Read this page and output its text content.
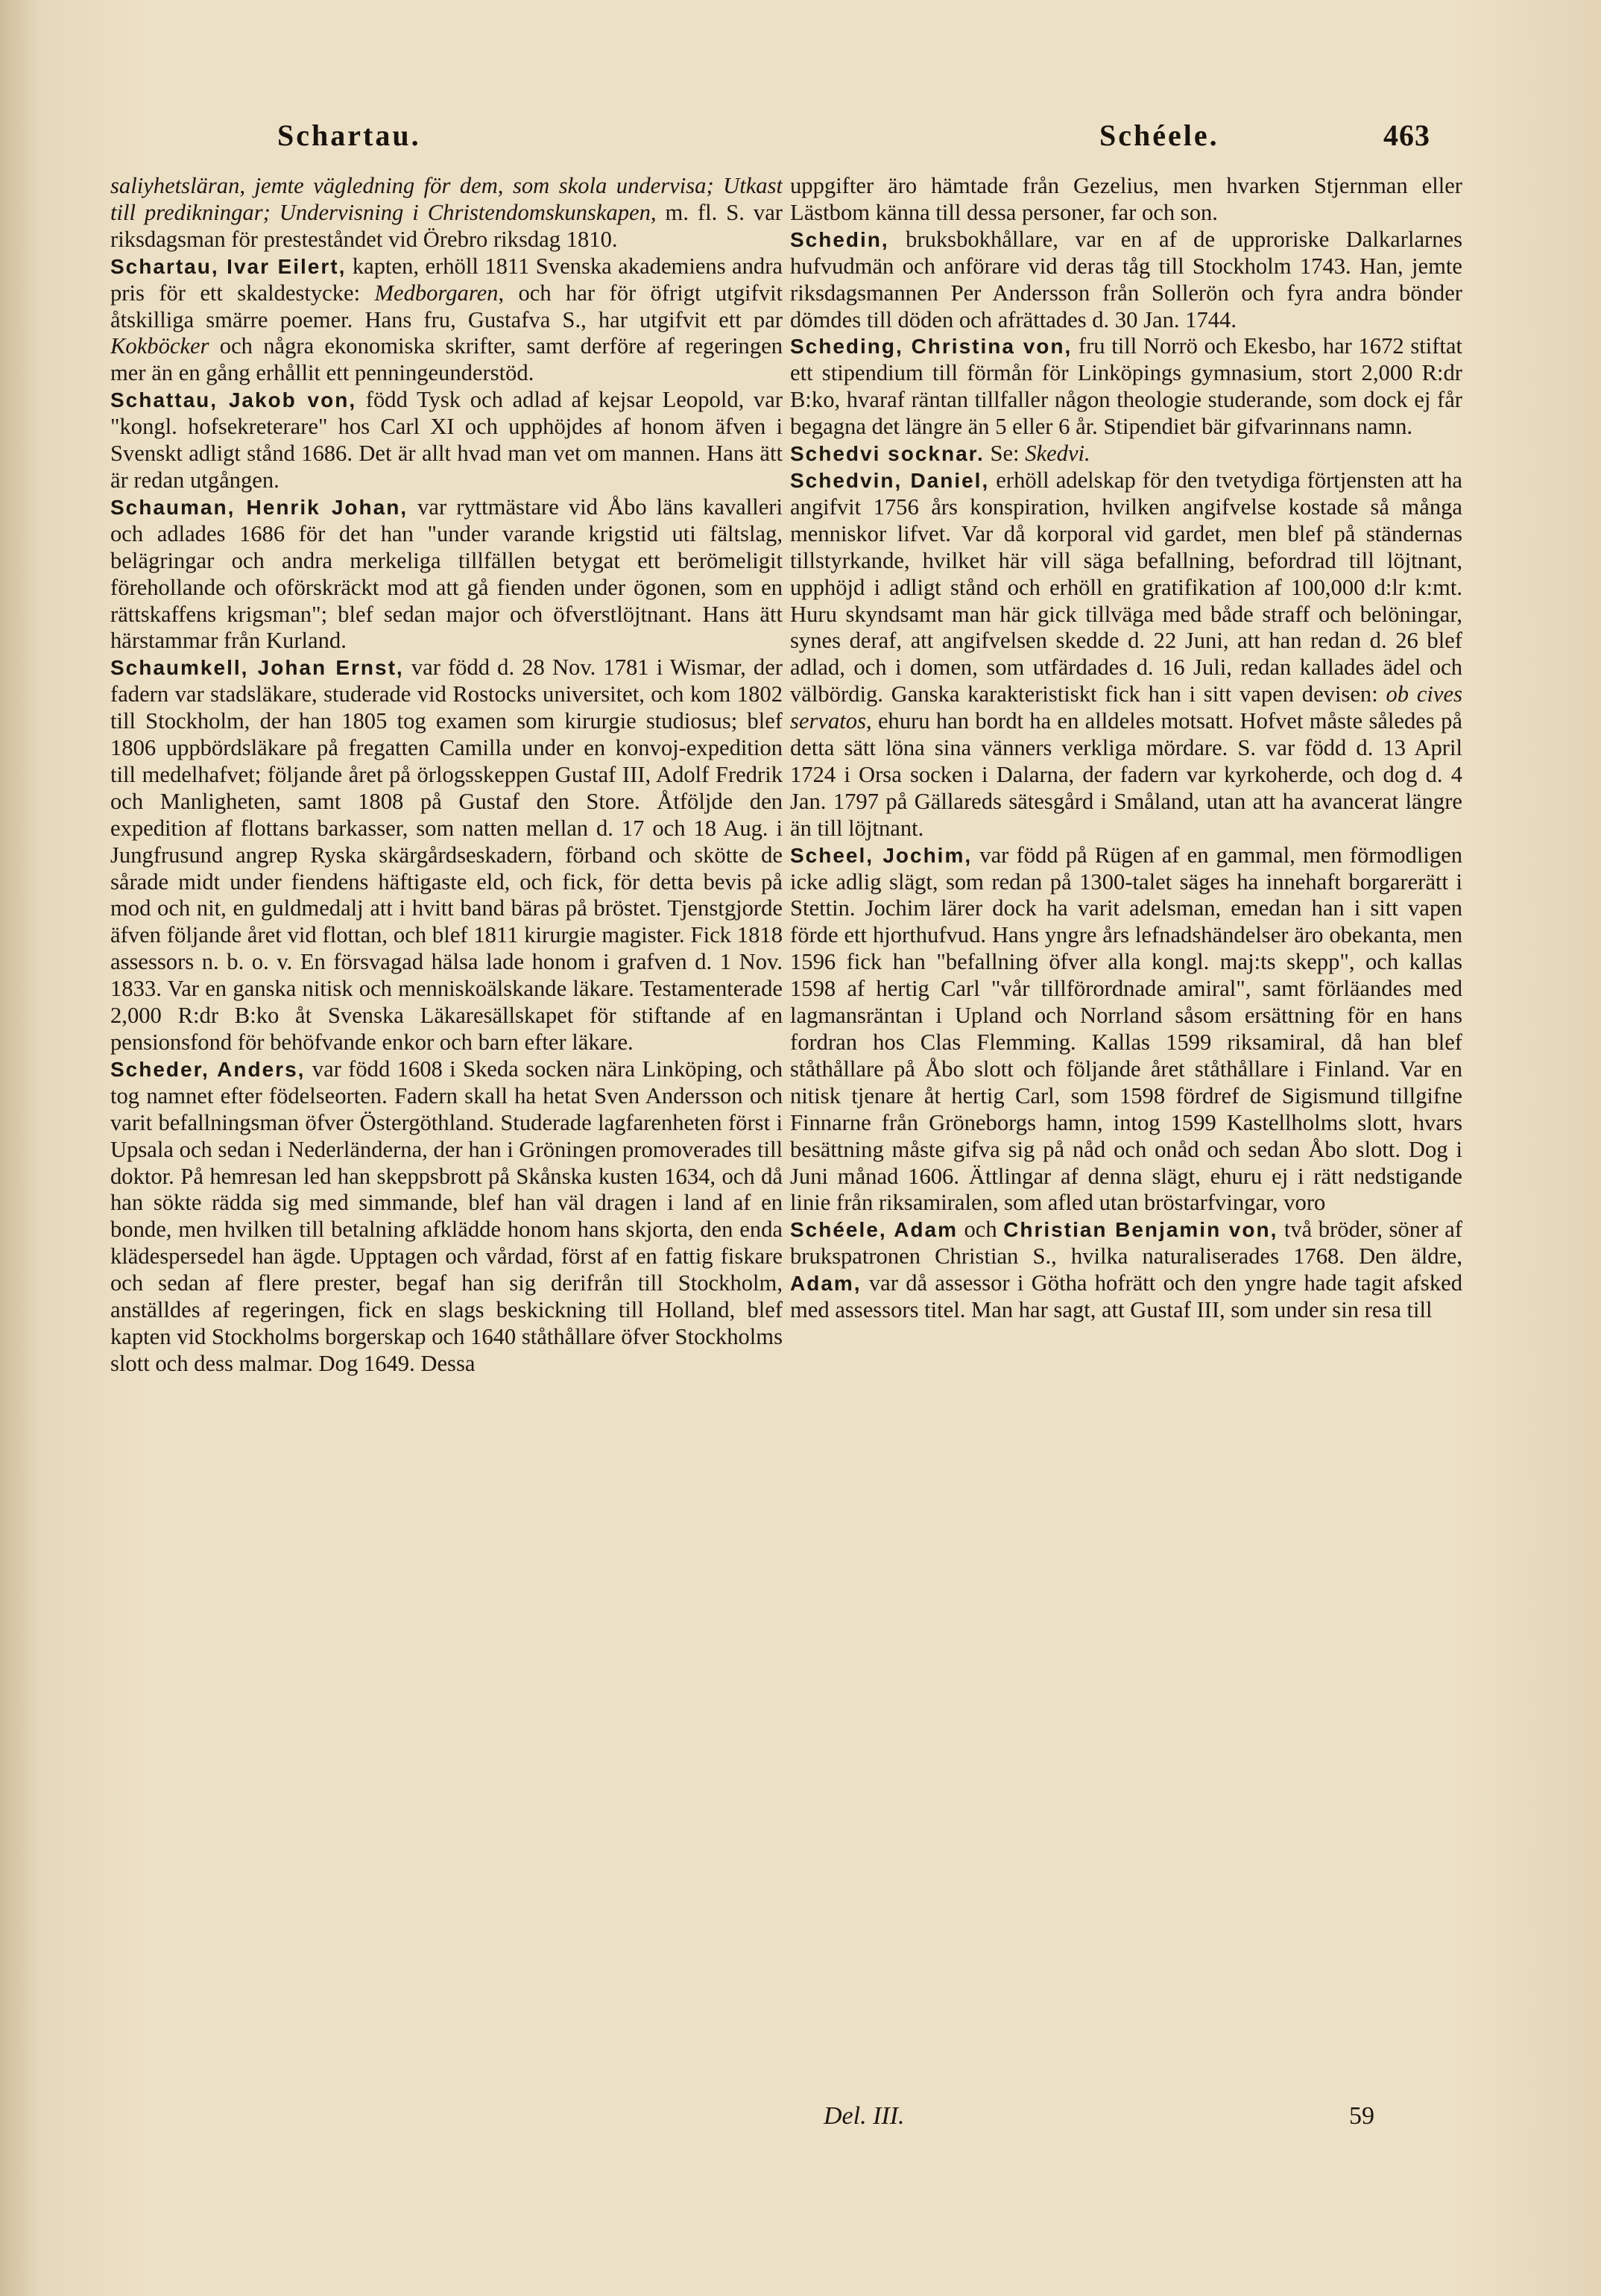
Schartau.	Schéele.	463

saliyhetsläran, jemte vägledning för dem, som skola undervisa; Utkast till predikningar; Undervisning i Christendomskunskapen, m. fl. S. var riksdagsman för presteståndet vid Örebro riksdag 1810.

Schartau, Ivar Eilert, kapten, erhöll 1811 Svenska akademiens andra pris för ett skaldestycke: Medborgaren, och har för öfrigt utgifvit åtskilliga smärre poemer. Hans fru, Gustafva S., har utgifvit ett par Kokböcker och några ekonomiska skrifter, samt derföre af regeringen mer än en gång erhållit ett penningeunderstöd.

Schattau, Jakob von, född Tysk och adlad af kejsar Leopold, var "kongl. hofsekreterare" hos Carl XI och upphöjdes af honom äfven i Svenskt adligt stånd 1686. Det är allt hvad man vet om mannen. Hans ätt är redan utgången.

Schauman, Henrik Johan, var ryttmästare vid Åbo läns kavalleri och adlades 1686 för det han "under varande krigstid uti fältslag, belägringar och andra merkeliga tillfällen betygat ett berömeligit förehollande och oförskräckt mod att gå fienden under ögonen, som en rättskaffens krigsman"; blef sedan major och öfverstlöjtnant. Hans ätt härstammar från Kurland.

Schaumkell, Johan Ernst, var född d. 28 Nov. 1781 i Wismar, der fadern var stadsläkare, studerade vid Rostocks universitet, och kom 1802 till Stockholm, der han 1805 tog examen som kirurgie studiosus; blef 1806 uppbördsläkare på fregatten Camilla under en konvoj-expedition till medelhafvet; följande året på örlogsskeppen Gustaf III, Adolf Fredrik och Manligheten, samt 1808 på Gustaf den Store. Åtföljde den expedition af flottans barkasser, som natten mellan d. 17 och 18 Aug. i Jungfrusund angrep Ryska skärgårdseskadern, förband och skötte de sårade midt under fiendens häftigaste eld, och fick, för detta bevis på mod och nit, en guldmedalj att i hvitt band bäras på bröstet. Tjenstgjorde äfven följande året vid flottan, och blef 1811 kirurgie magister. Fick 1818 assessors n. b. o. v. En försvagad hälsa lade honom i grafven d. 1 Nov. 1833. Var en ganska nitisk och menniskoälskande läkare. Testamenterade 2,000 R:dr B:ko åt Svenska Läkaresällskapet för stiftande af en pensionsfond för behöfvande enkor och barn efter läkare.

Scheder, Anders, var född 1608 i Skeda socken nära Linköping, och tog namnet efter födelseorten. Fadern skall ha hetat Sven Andersson och varit befallningsman öfver Östergöthland. Studerade lagfarenheten först i Upsala och sedan i Nederländerna, der han i Gröningen promoverades till doktor. På hemresan led han skeppsbrott på Skånska kusten 1634, och då han sökte rädda sig med simmande, blef han väl dragen i land af en bonde, men hvilken till betalning afklädde honom hans skjorta, den enda klädespersedel han ägde. Upptagen och vårdad, först af en fattig fiskare och sedan af flere prester, begaf han sig derifrån till Stockholm, anställdes af regeringen, fick en slags beskickning till Holland, blef kapten vid Stockholms borgerskap och 1640 ståthållare öfver Stockholms slott och dess malmar. Dog 1649. Dessa

uppgifter äro hämtade från Gezelius, men hvarken Stjernman eller Lästbom känna till dessa personer, far och son.

Schedin, bruksbokhållare, var en af de upproriske Dalkarlarnes hufvudmän och anförare vid deras tåg till Stockholm 1743. Han, jemte riksdagsmannen Per Andersson från Sollerön och fyra andra bönder dömdes till döden och afrättades d. 30 Jan. 1744.

Scheding, Christina von, fru till Norrö och Ekesbo, har 1672 stiftat ett stipendium till förmån för Linköpings gymnasium, stort 2,000 R:dr B:ko, hvaraf räntan tillfaller någon theologie studerande, som dock ej får begagna det längre än 5 eller 6 år. Stipendiet bär gifvarinnans namn.

Schedvi socknar. Se: Skedvi.

Schedvin, Daniel, erhöll adelskap för den tvetydiga förtjensten att ha angifvit 1756 års konspiration, hvilken angifvelse kostade så många menniskor lifvet. Var då korporal vid gardet, men blef på ständernas tillstyrkande, hvilket här vill säga befallning, befordrad till löjtnant, upphöjd i adligt stånd och erhöll en gratifikation af 100,000 d:lr k:mt. Huru skyndsamt man här gick tillväga med både straff och belöningar, synes deraf, att angifvelsen skedde d. 22 Juni, att han redan d. 26 blef adlad, och i domen, som utfärdades d. 16 Juli, redan kallades ädel och välbördig. Ganska karakteristiskt fick han i sitt vapen devisen: ob cives servatos, ehuru han bordt ha en alldeles motsatt. Hofvet måste således på detta sätt löna sina vänners verkliga mördare. S. var född d. 13 April 1724 i Orsa socken i Dalarna, der fadern var kyrkoherde, och dog d. 4 Jan. 1797 på Gällareds sätesgård i Småland, utan att ha avancerat längre än till löjtnant.

Scheel, Jochim, var född på Rügen af en gammal, men förmodligen icke adlig slägt, som redan på 1300-talet säges ha innehaft borgarerätt i Stettin. Jochim lärer dock ha varit adelsman, emedan han i sitt vapen förde ett hjorthufvud. Hans yngre års lefnadshändelser äro obekanta, men 1596 fick han "befallning öfver alla kongl. maj:ts skepp", och kallas 1598 af hertig Carl "vår tillförordnade amiral", samt förläandes med lagmansräntan i Upland och Norrland såsom ersättning för en hans fordran hos Clas Flemming. Kallas 1599 riksamiral, då han blef ståthållare på Åbo slott och följande året ståthållare i Finland. Var en nitisk tjenare åt hertig Carl, som 1598 fördref de Sigismund tillgifne Finnarne från Gröneborgs hamn, intog 1599 Kastellholms slott, hvars besättning måste gifva sig på nåd och onåd och sedan Åbo slott. Dog i Juni månad 1606. Ättlingar af denna slägt, ehuru ej i rätt nedstigande linie från riksamiralen, som afled utan bröstarfvingar, voro

Schéele, Adam och Christian Benjamin von, två bröder, söner af brukspatronen Christian S., hvilka naturaliserades 1768. Den äldre, Adam, var då assessor i Götha hofrätt och den yngre hade tagit afsked med assessors titel. Man har sagt, att Gustaf III, som under sin resa till

Del. III.	59
